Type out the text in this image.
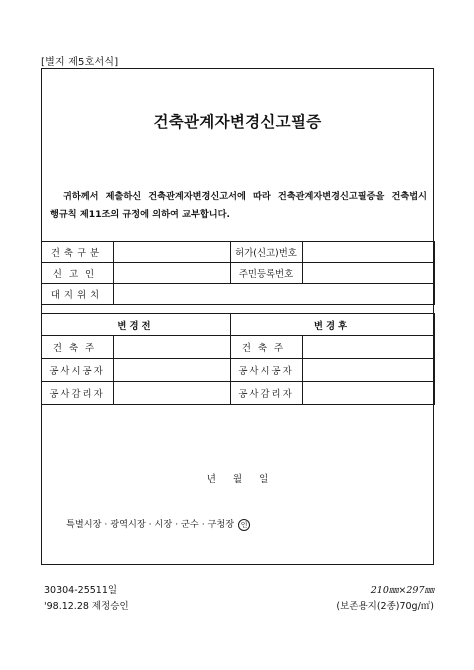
[별지 제5호서식]
건축관계자변경신고필증
귀하께서 제출하신 건축관계자변경신고서에 따라 건축관계자변경신고필증을 건축법시
행규칙 제11조의 규정에 의하여 교부합니다.
건축구분		허가(신고)번호	
신고인		주민등록번호	
대지위치			

변경전		변경후	
건축주		건축주	
공사시공자		공사시공자	
공사감리자		공사감리자	
년 월 일
특별시장 · 광역시장 · 시장 · 군수 · 구청장 인
30304-25511일
'98.12.28 제정승인
210㎜×297㎜
(보존용지(2종)70g/㎡)
